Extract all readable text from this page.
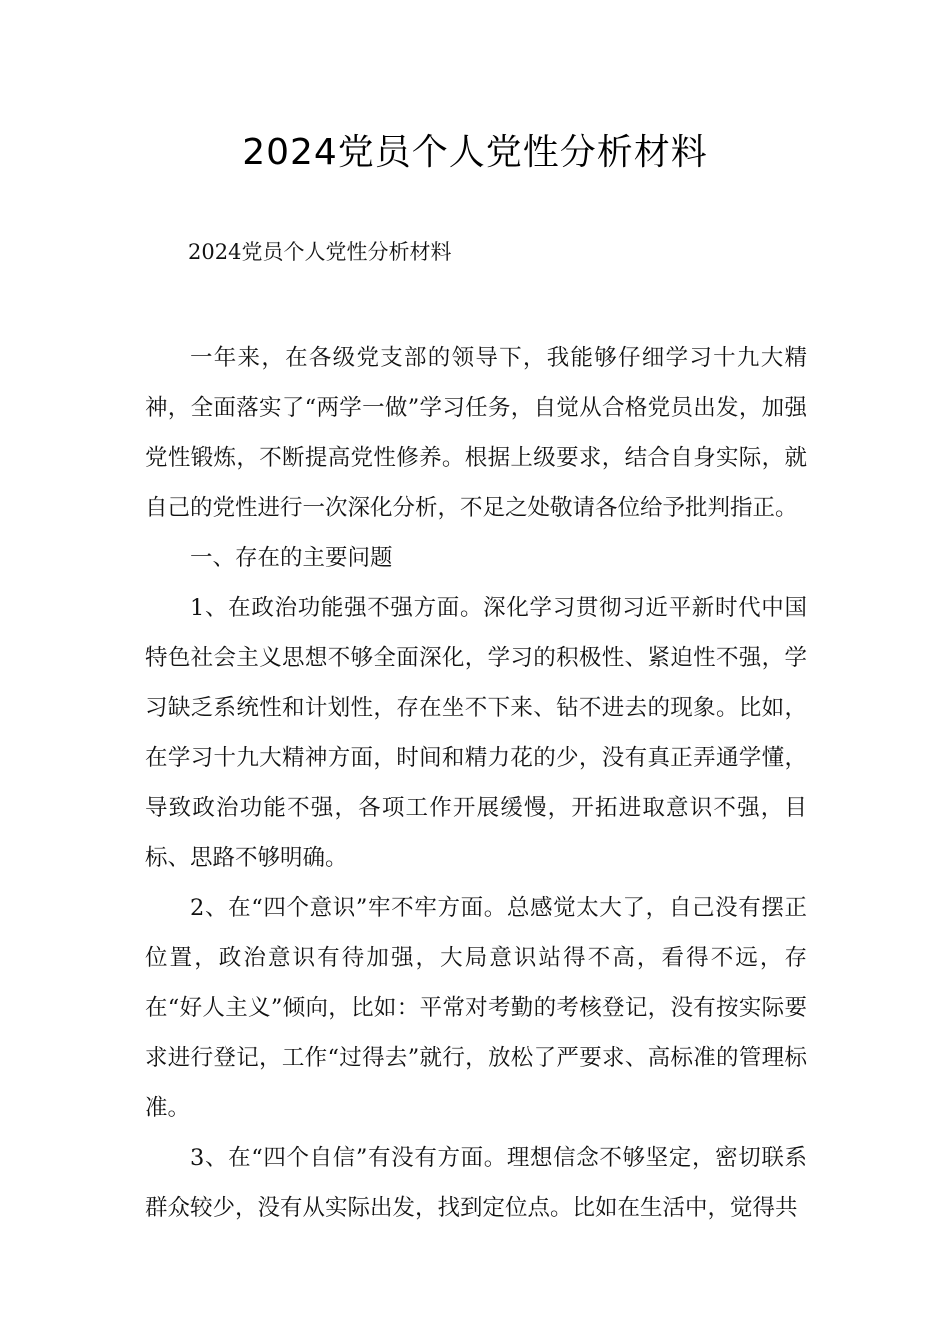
2024党员个人党性分析材料
2024党员个人党性分析材料

一年来，在各级党支部的领导下，我能够仔细学习十九大精神，全面落实了“两学一做”学习任务，自觉从合格党员出发，加强党性锻炼，不断提高党性修养。根据上级要求，结合自身实际，就自己的党性进行一次深化分析，不足之处敬请各位给予批判指正。

一、存在的主要问题

1、在政治功能强不强方面。深化学习贯彻习近平新时代中国特色社会主义思想不够全面深化，学习的积极性、紧迫性不强，学习缺乏系统性和计划性，存在坐不下来、钻不进去的现象。比如，在学习十九大精神方面，时间和精力花的少，没有真正弄通学懂，导致政治功能不强，各项工作开展缓慢，开拓进取意识不强，目标、思路不够明确。

2、在“四个意识”牢不牢方面。总感觉太大了，自己没有摆正位置，政治意识有待加强，大局意识站得不高，看得不远，存在“好人主义”倾向，比如：平常对考勤的考核登记，没有按实际要求进行登记，工作“过得去”就行，放松了严要求、高标准的管理标准。

3、在“四个自信”有没有方面。理想信念不够坚定，密切联系群众较少，没有从实际出发，找到定位点。比如在生活中，觉得共
